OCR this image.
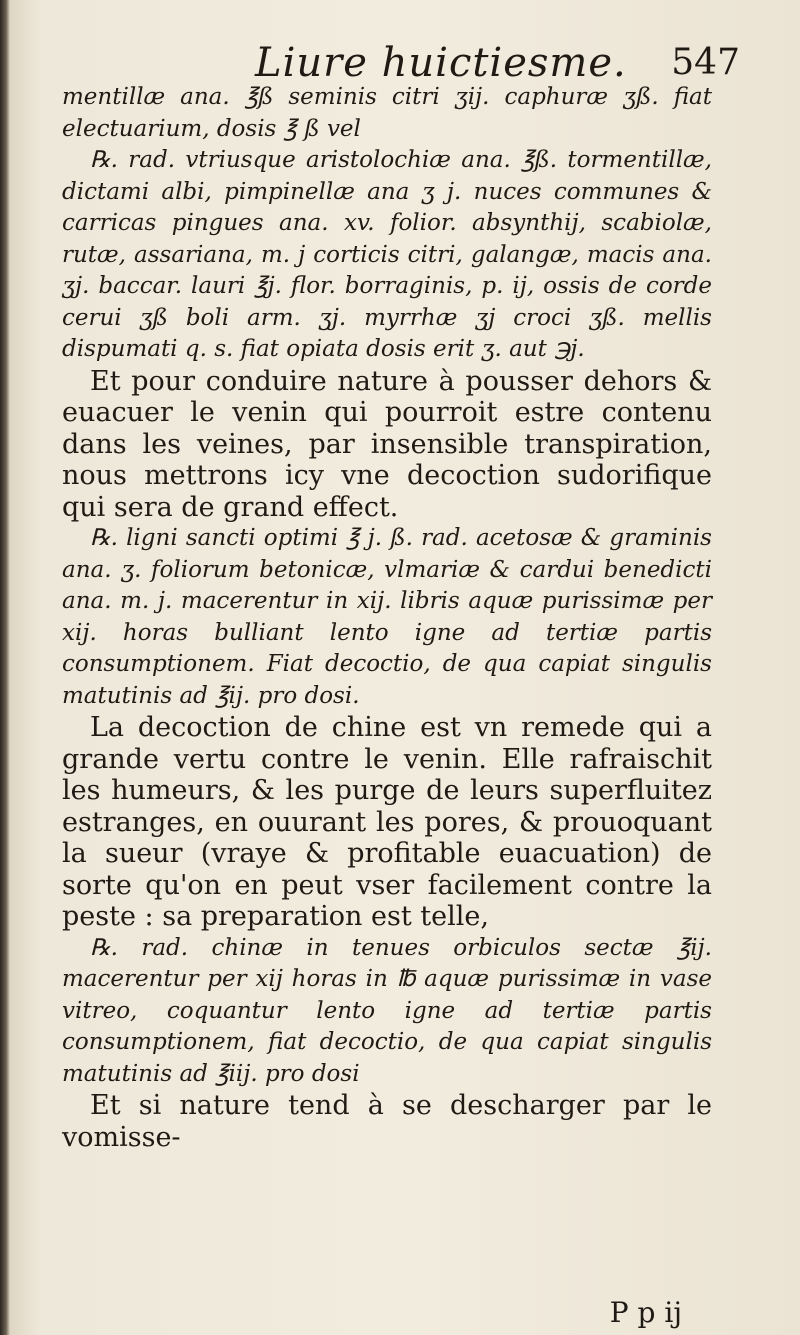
Liure huictiesme. 547

mentillæ ana. ℥ß seminis citri ʒij. caphuræ ʒß. fiat electuarium, dosis ℥ ß vel

℞. rad. vtriusque aristolochiæ ana. ℥ß. tormentillæ, dictami albi, pimpinellæ ana ʒ j. nuces communes & carricas pingues ana. xv. folior. absynthij, scabiolæ, rutæ, assariana, m. j corticis citri, galangæ, macis ana. ʒj. baccar. lauri ℥j. flor. borraginis, p. ij, ossis de corde cerui ʒß boli arm. ʒj. myrrhæ ʒj croci ʒß. mellis dispumati q. s. fiat opiata dosis erit ʒ. aut ℈j.

Et pour conduire nature à pousser dehors & euacuer le venin qui pourroit estre contenu dans les veines, par insensible transpiration, nous mettrons icy vne decoction sudorifique qui sera de grand effect.

℞. ligni sancti optimi ℥ j. ß. rad. acetosæ & graminis ana. ʒ. foliorum betonicæ, vlmariæ & cardui benedicti ana. m. j. macerentur in xij. libris aquæ purissimæ per xij. horas bulliant lento igne ad tertiæ partis consumptionem. Fiat decoctio, de qua capiat singulis matutinis ad ℥ij. pro dosi.

La decoction de chine est vn remede qui a grande vertu contre le venin. Elle rafraischit les humeurs, & les purge de leurs superfluitez estranges, en ouurant les pores, & prouoquant la sueur (vraye & profitable euacuation) de sorte qu'on en peut vser facilement contre la peste : sa preparation est telle,

℞. rad. chinæ in tenues orbiculos sectæ ℥ij. macerentur per xij horas in ℔ aquæ purissimæ in vase vitreo, coquantur lento igne ad tertiæ partis consumptionem, fiat decoctio, de qua capiat singulis matutinis ad ℥iij. pro dosi

Et si nature tend à se descharger par le vomisse-

P p ij
